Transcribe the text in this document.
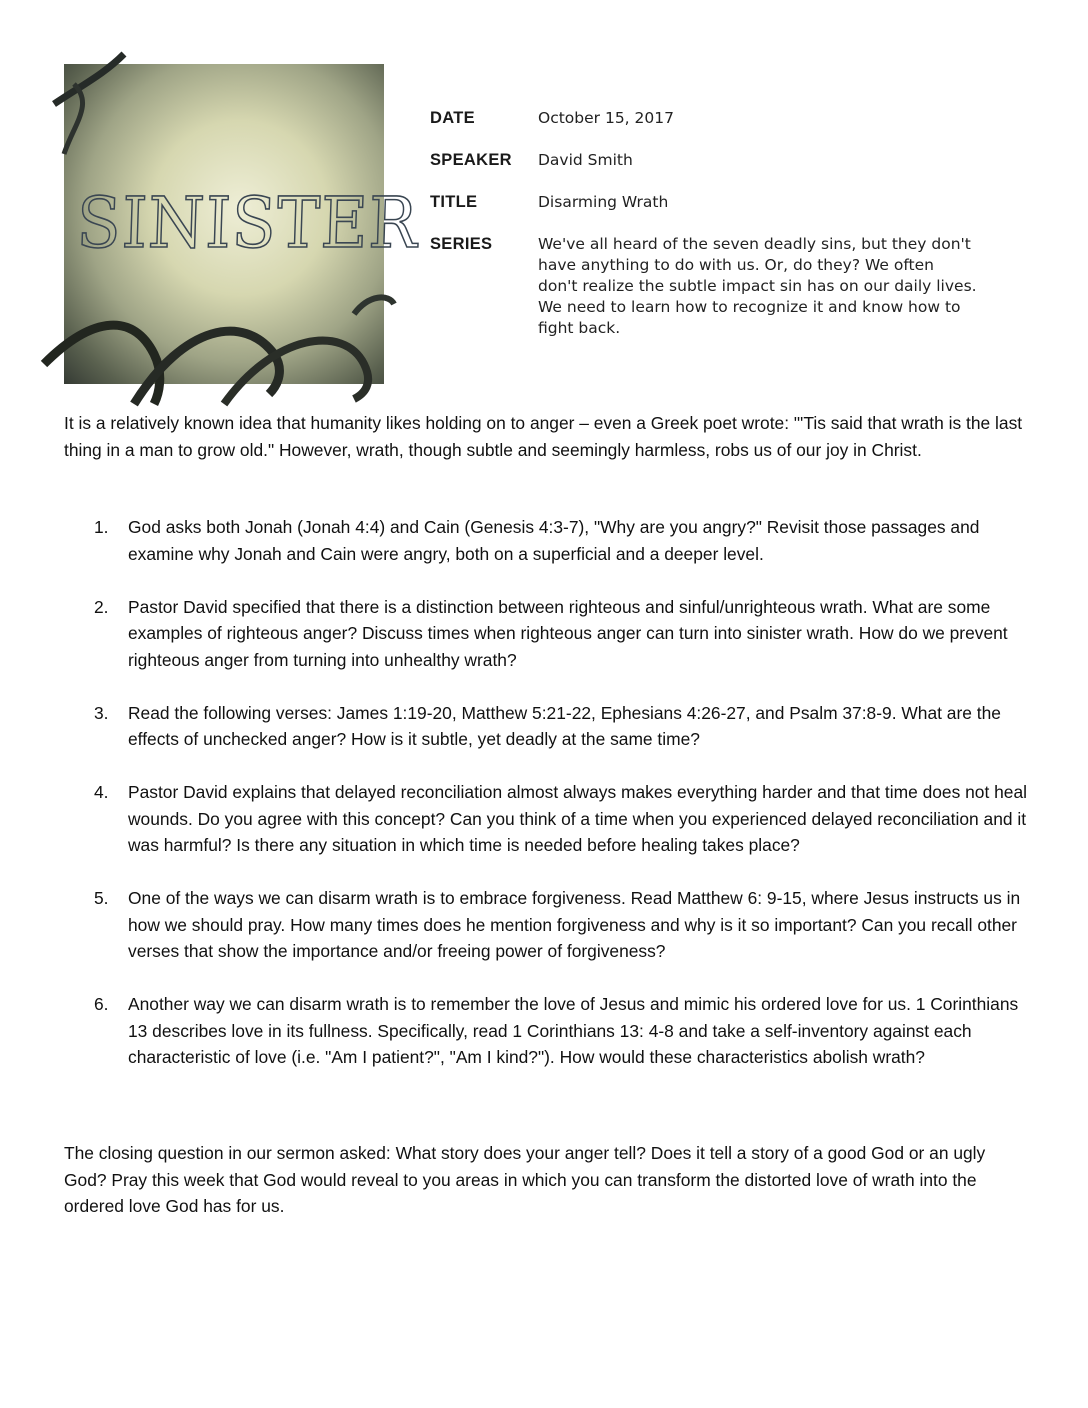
SINISTER
DATE	October 15, 2017
SPEAKER	David Smith
TITLE	Disarming Wrath
SERIES	We've all heard of the seven deadly sins, but they don't have anything to do with us. Or, do they? We often don't realize the subtle impact sin has on our daily lives. We need to learn how to recognize it and know how to fight back.

It is a relatively known idea that humanity likes holding on to anger – even a Greek poet wrote: "'Tis said that wrath is the last thing in a man to grow old." However, wrath, though subtle and seemingly harmless, robs us of our joy in Christ.

1. God asks both Jonah (Jonah 4:4) and Cain (Genesis 4:3-7), "Why are you angry?" Revisit those passages and examine why Jonah and Cain were angry, both on a superficial and a deeper level.
2. Pastor David specified that there is a distinction between righteous and sinful/unrighteous wrath. What are some examples of righteous anger? Discuss times when righteous anger can turn into sinister wrath. How do we prevent righteous anger from turning into unhealthy wrath?
3. Read the following verses: James 1:19-20, Matthew 5:21-22, Ephesians 4:26-27, and Psalm 37:8-9. What are the effects of unchecked anger? How is it subtle, yet deadly at the same time?
4. Pastor David explains that delayed reconciliation almost always makes everything harder and that time does not heal wounds. Do you agree with this concept? Can you think of a time when you experienced delayed reconciliation and it was harmful? Is there any situation in which time is needed before healing takes place?
5. One of the ways we can disarm wrath is to embrace forgiveness. Read Matthew 6: 9-15, where Jesus instructs us in how we should pray. How many times does he mention forgiveness and why is it so important? Can you recall other verses that show the importance and/or freeing power of forgiveness?
6. Another way we can disarm wrath is to remember the love of Jesus and mimic his ordered love for us. 1 Corinthians 13 describes love in its fullness. Specifically, read 1 Corinthians 13: 4-8 and take a self-inventory against each characteristic of love (i.e. "Am I patient?", "Am I kind?"). How would these characteristics abolish wrath?

The closing question in our sermon asked: What story does your anger tell? Does it tell a story of a good God or an ugly God? Pray this week that God would reveal to you areas in which you can transform the distorted love of wrath into the ordered love God has for us.
